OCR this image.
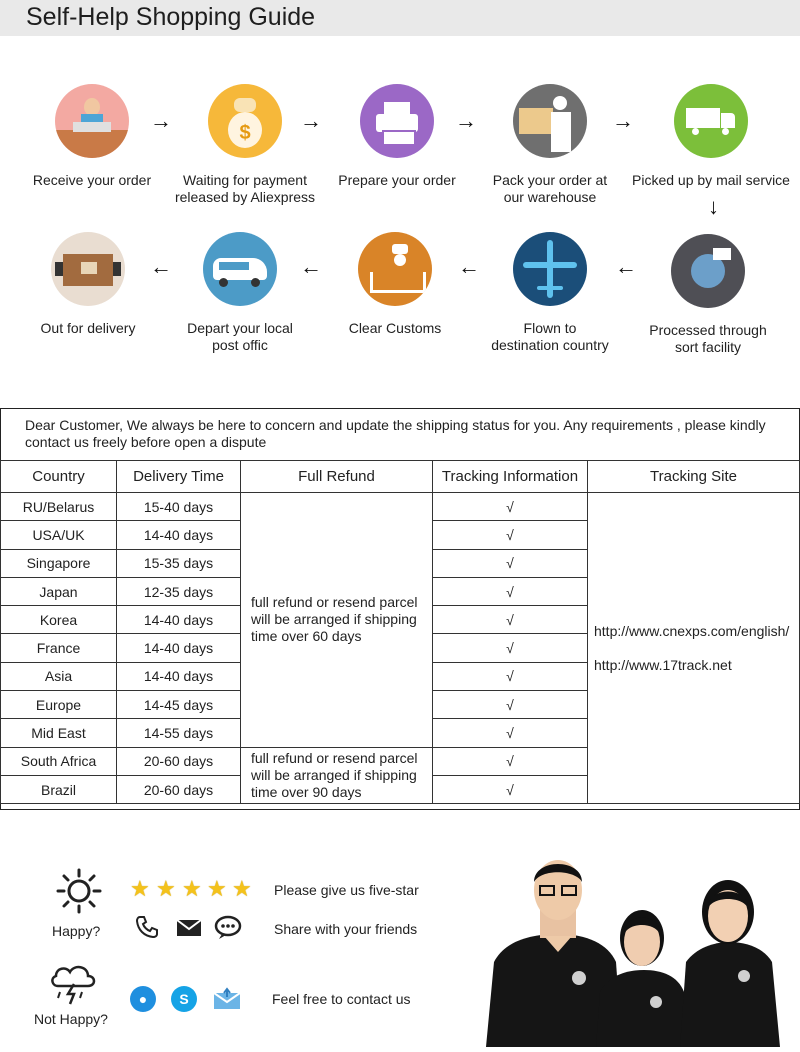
Self-Help Shopping Guide
Receive your order
→	$
Waiting for payment
released by Aliexpress
→
Prepare your order
→
Pack your order at
our warehouse
→
Picked up by mail service
↓
Out for delivery
←
Depart your local
post offic
←
Clear Customs
←
Flown to
destination country
←
Processed through
sort facility
Dear Customer, We always be here to concern and update the shipping status for you. Any requirements , please kindly contact us freely before open a dispute
Country	Delivery Time	Full Refund	Tracking Information	Tracking Site
RU/Belarus	15-40 days	full refund or resend parcel will be arranged if shipping time over 60 days	√	http://www.cnexps.com/english/
http://www.17track.net
USA/UK	14-40 days		√	
Singapore	15-35 days		√	
Japan	12-35 days		√	
Korea	14-40 days		√	
France	14-40 days		√	
Asia	14-40 days		√	
Europe	14-45 days		√	
Mid East	14-55 days		√	
South Africa	20-60 days	full refund or resend parcel will be arranged if shipping time over 90 days	√	
Brazil	20-60 days		√	
Happy?
★ ★ ★ ★ ★ Please give us five-star
Share with your friends
Not Happy?
●	S	Feel free to contact us
